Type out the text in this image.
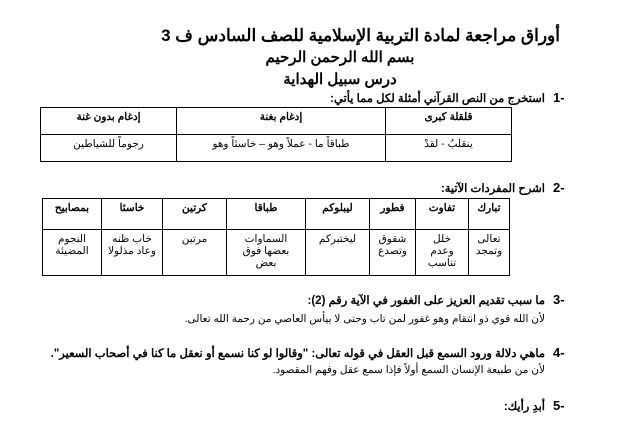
أوراق مراجعة لمادة التربية الإسلامية للصف السادس ف 3
بسم الله الرحمن الرحيم
درس سبيل الهداية
1-
استخرج من النص القرآني أمثلة لكل مما يأتي:
قلقلة كبرى	إدغام بغنة	إدغام بدون غنة
ينقلبُ - لقدْ	طباقاً ما - عملاً وهو – خاسئاً وهو	رجوماً للشياطين
2-
اشرح المفردات الآتية:
تبارك	تفاوت	فطور	ليبلوكم	طباقا	كرتين	خاسئا	بمصابيح
تعالى وتمجد	خلل وعدم تناسب	شقوق وتصدع	ليختبركم	السماوات بعضها فوق بعض	مرتين	خاب ظنه وعاد مذلولا	النجوم المضيئة
3-
ما سبب تقديم العزيز على الغفور في الآية رقم (2):
لأن الله قوي ذو انتقام وهو غفور لمن تاب وحتى لا ييأس العاصي من رحمة الله تعالى.
4-
ماهي دلالة ورود السمع قبل العقل في قوله تعالى: "وقالوا لو كنا نسمع أو نعقل ما كنا في أصحاب السعير".
لأن من طبيعة الإنسان السمع أولاً فإذا سمع عقل وفهم المقصود.
5-
أبدِ رأيك:
